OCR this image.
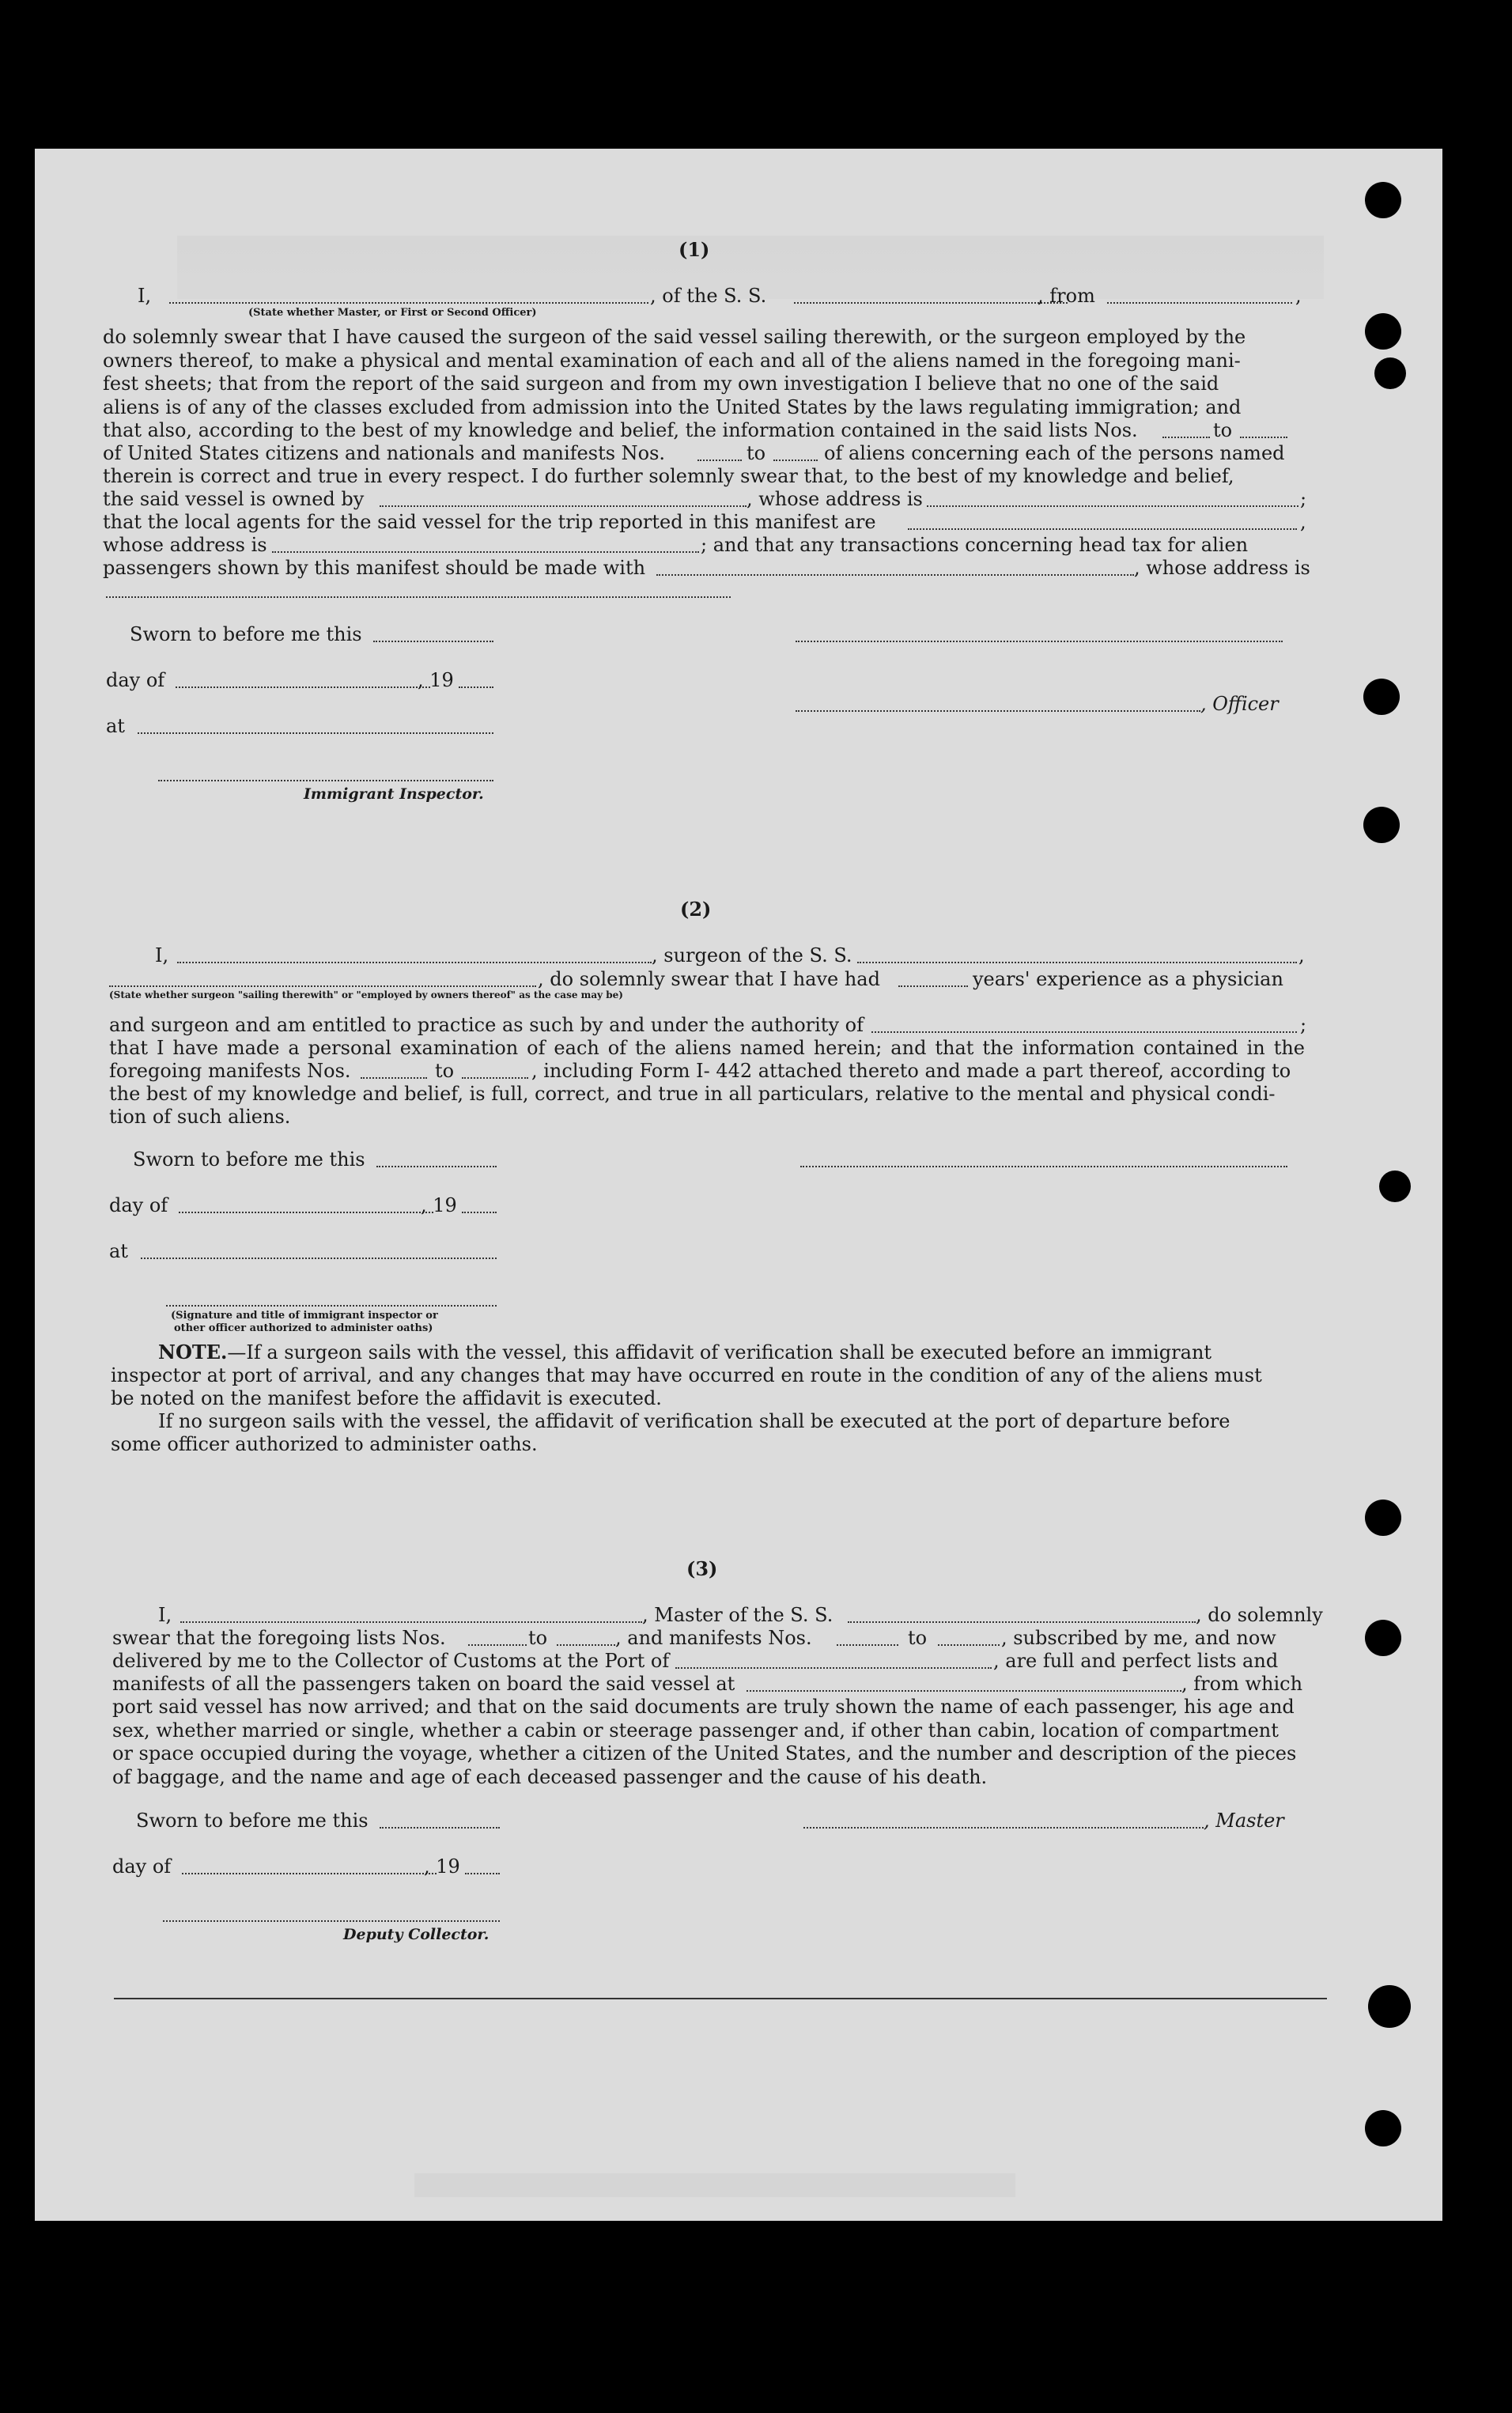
(1)
I,	, of the S. S.	, from	,
(State whether Master, or First or Second Officer)
do solemnly swear that I have caused the surgeon of the said vessel sailing therewith, or the surgeon employed by the
owners thereof, to make a physical and mental examination of each and all of the aliens named in the foregoing mani-
fest sheets; that from the report of the said surgeon and from my own investigation I believe that no one of the said
aliens is of any of the classes excluded from admission into the United States by the laws regulating immigration; and
that also, according to the best of my knowledge and belief, the information contained in the said lists Nos.	to
of United States citizens and nationals and manifests Nos.	to	of aliens concerning each of the persons named
therein is correct and true in every respect. I do further solemnly swear that, to the best of my knowledge and belief,
the said vessel is owned by	, whose address is	;
that the local agents for the said vessel for the trip reported in this manifest are	,
whose address is	; and that any transactions concerning head tax for alien
passengers shown by this manifest should be made with	, whose address is
Sworn to before me this
day of	, 19
, Officer
at
Immigrant Inspector.
(2)
I,	, surgeon of the S. S.	,
, do solemnly swear that I have had	years' experience as a physician
(State whether surgeon "sailing therewith" or "employed by owners thereof" as the case may be)
and surgeon and am entitled to practice as such by and under the authority of	;
that I have made a personal examination of each of the aliens named herein; and that the information contained in the
foregoing manifests Nos.	to	, including Form I- 442 attached thereto and made a part thereof, according to
the best of my knowledge and belief, is full, correct, and true in all particulars, relative to the mental and physical condi-
tion of such aliens.
Sworn to before me this
day of	, 19
at
(Signature and title of immigrant inspector or
other officer authorized to administer oaths)
NOTE.—If a surgeon sails with the vessel, this affidavit of verification shall be executed before an immigrant
inspector at port of arrival, and any changes that may have occurred en route in the condition of any of the aliens must
be noted on the manifest before the affidavit is executed.
If no surgeon sails with the vessel, the affidavit of verification shall be executed at the port of departure before
some officer authorized to administer oaths.
(3)
I,	, Master of the S. S.	, do solemnly
swear that the foregoing lists Nos.	to	, and manifests Nos.	to	, subscribed by me, and now
delivered by me to the Collector of Customs at the Port of	, are full and perfect lists and
manifests of all the passengers taken on board the said vessel at	, from which
port said vessel has now arrived; and that on the said documents are truly shown the name of each passenger, his age and
sex, whether married or single, whether a cabin or steerage passenger and, if other than cabin, location of compartment
or space occupied during the voyage, whether a citizen of the United States, and the number and description of the pieces
of baggage, and the name and age of each deceased passenger and the cause of his death.
Sworn to before me this	, Master
day of	, 19
Deputy Collector.
